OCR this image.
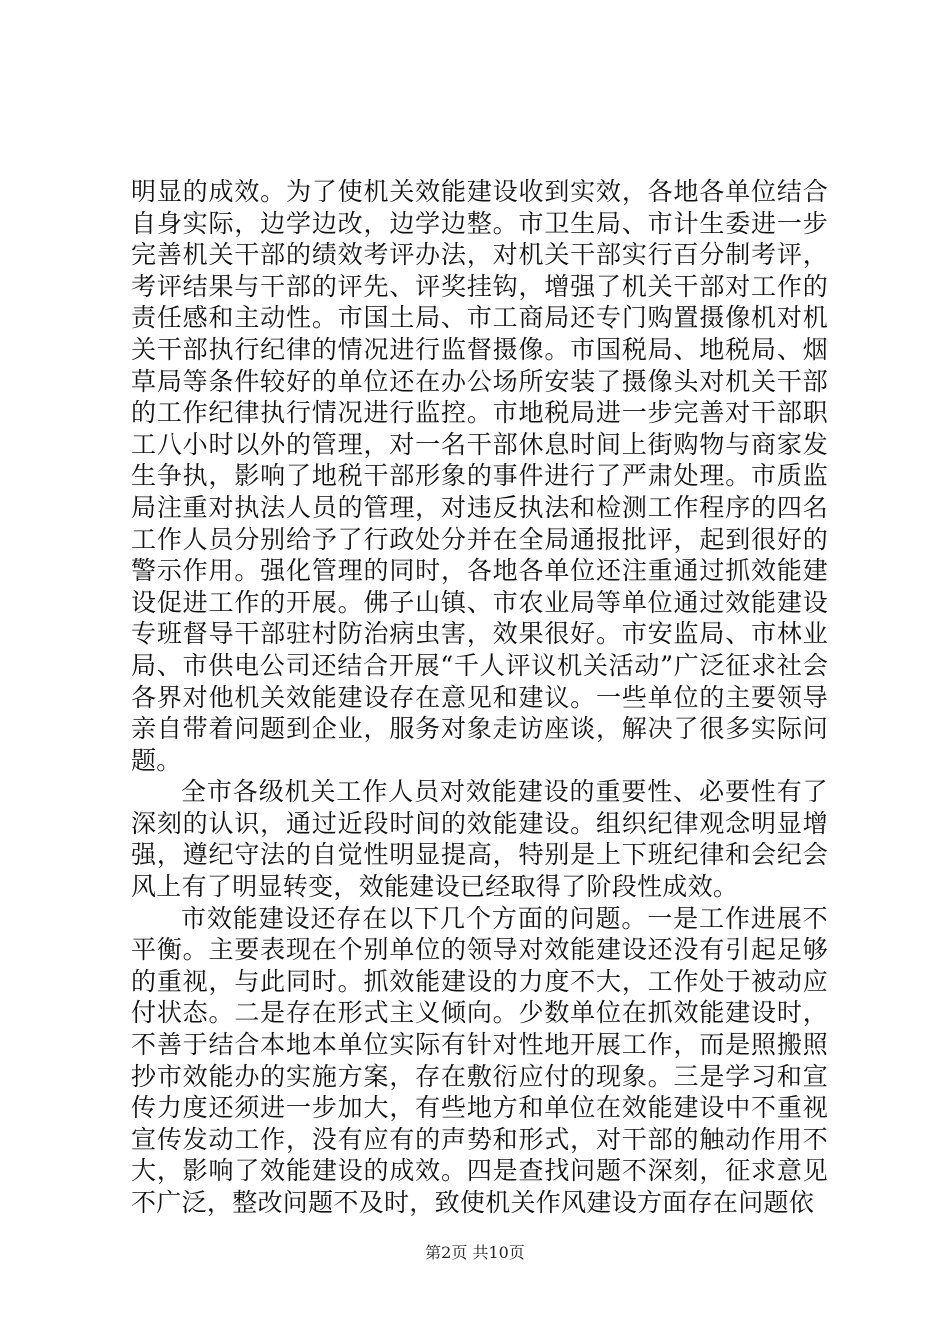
明显的成效。为了使机关效能建设收到实效，各地各单位结合自身实际，边学边改，边学边整。市卫生局、市计生委进一步完善机关干部的绩效考评办法，对机关干部实行百分制考评，考评结果与干部的评先、评奖挂钩，增强了机关干部对工作的责任感和主动性。市国土局、市工商局还专门购置摄像机对机关干部执行纪律的情况进行监督摄像。市国税局、地税局、烟草局等条件较好的单位还在办公场所安装了摄像头对机关干部的工作纪律执行情况进行监控。市地税局进一步完善对干部职工八小时以外的管理，对一名干部休息时间上街购物与商家发生争执，影响了地税干部形象的事件进行了严肃处理。市质监局注重对执法人员的管理，对违反执法和检测工作程序的四名工作人员分别给予了行政处分并在全局通报批评，起到很好的警示作用。强化管理的同时，各地各单位还注重通过抓效能建设促进工作的开展。佛子山镇、市农业局等单位通过效能建设专班督导干部驻村防治病虫害，效果很好。市安监局、市林业局、市供电公司还结合开展“千人评议机关活动”广泛征求社会各界对他机关效能建设存在意见和建议。一些单位的主要领导亲自带着问题到企业，服务对象走访座谈，解决了很多实际问题。

全市各级机关工作人员对效能建设的重要性、必要性有了深刻的认识，通过近段时间的效能建设。组织纪律观念明显增强，遵纪守法的自觉性明显提高，特别是上下班纪律和会纪会风上有了明显转变，效能建设已经取得了阶段性成效。

市效能建设还存在以下几个方面的问题。一是工作进展不平衡。主要表现在个别单位的领导对效能建设还没有引起足够的重视，与此同时。抓效能建设的力度不大，工作处于被动应付状态。二是存在形式主义倾向。少数单位在抓效能建设时，不善于结合本地本单位实际有针对性地开展工作，而是照搬照抄市效能办的实施方案，存在敷衍应付的现象。三是学习和宣传力度还须进一步加大，有些地方和单位在效能建设中不重视宣传发动工作，没有应有的声势和形式，对干部的触动作用不大，影响了效能建设的成效。四是查找问题不深刻，征求意见不广泛，整改问题不及时，致使机关作风建设方面存在问题依

第2页 共10页
